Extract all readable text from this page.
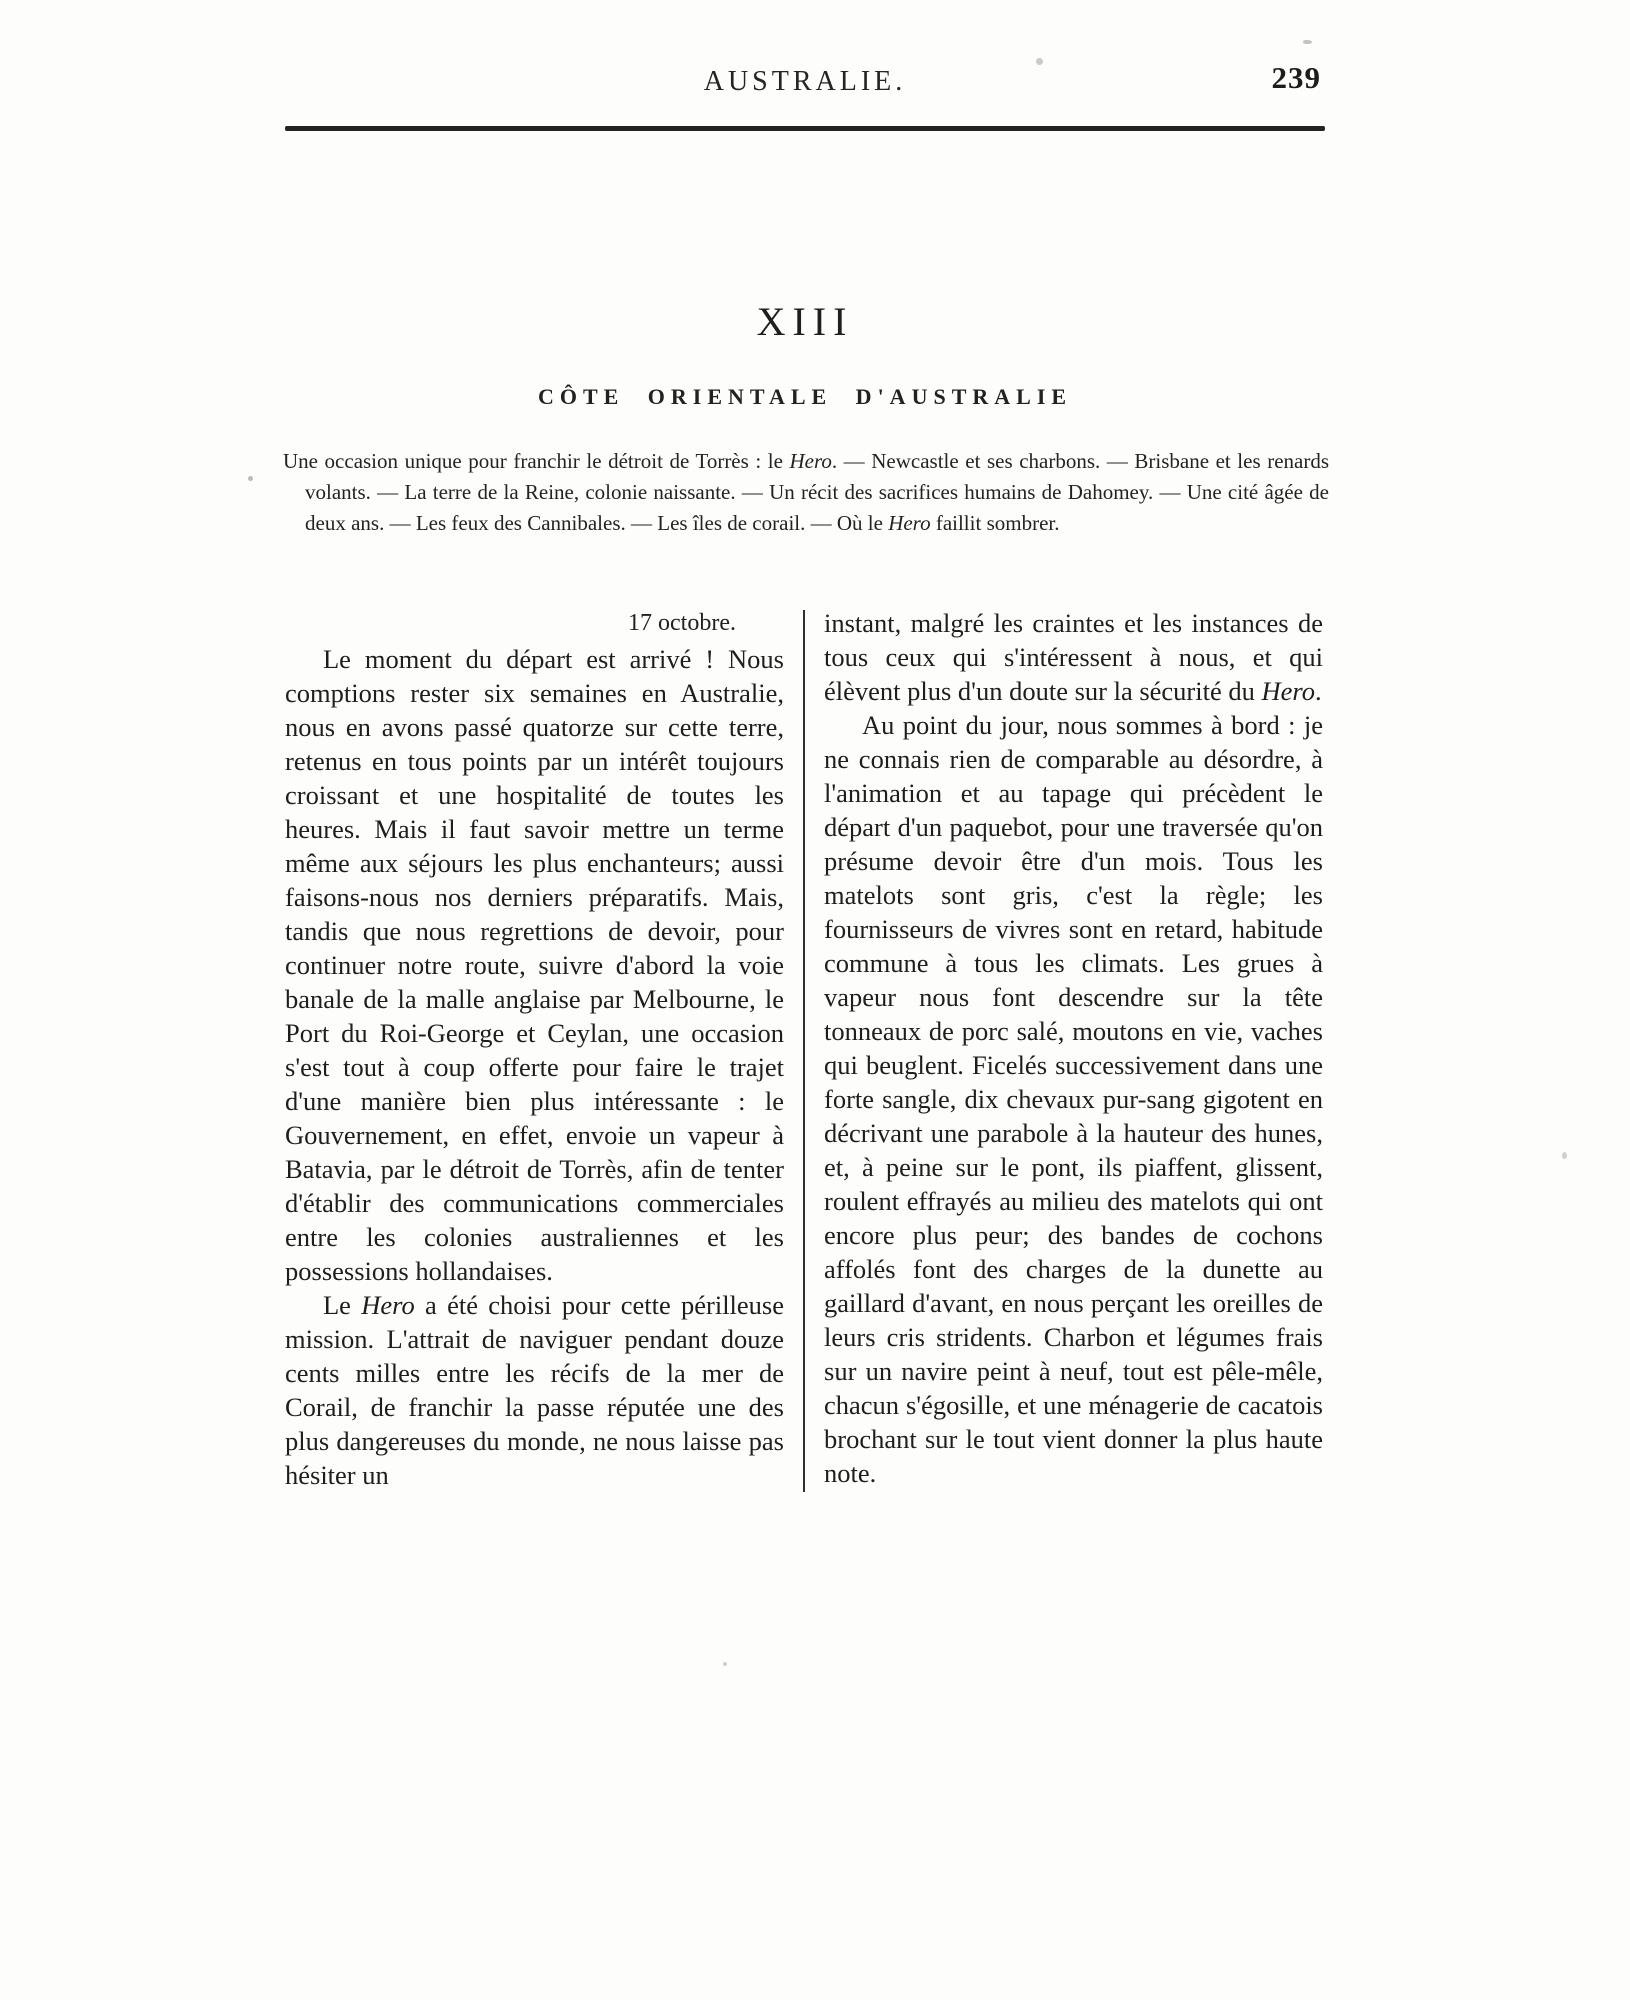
AUSTRALIE.	239
XIII
CÔTE ORIENTALE D'AUSTRALIE

Une occasion unique pour franchir le détroit de Torrès : le Hero. — Newcastle et ses charbons. — Brisbane et les renards volants. — La terre de la Reine, colonie naissante. — Un récit des sacrifices humains de Dahomey. — Une cité âgée de deux ans. — Les feux des Cannibales. — Les îles de corail. — Où le Hero faillit sombrer.

17 octobre.

Le moment du départ est arrivé ! Nous comptions rester six semaines en Australie, nous en avons passé quatorze sur cette terre, retenus en tous points par un intérêt toujours croissant et une hospitalité de toutes les heures. Mais il faut savoir mettre un terme même aux séjours les plus enchanteurs; aussi faisons-nous nos derniers préparatifs. Mais, tandis que nous regrettions de devoir, pour continuer notre route, suivre d'abord la voie banale de la malle anglaise par Melbourne, le Port du Roi-George et Ceylan, une occasion s'est tout à coup offerte pour faire le trajet d'une manière bien plus intéressante : le Gouvernement, en effet, envoie un vapeur à Batavia, par le détroit de Torrès, afin de tenter d'établir des communications commerciales entre les colonies australiennes et les possessions hollandaises.

Le Hero a été choisi pour cette périlleuse mission. L'attrait de naviguer pendant douze cents milles entre les récifs de la mer de Corail, de franchir la passe réputée une des plus dangereuses du monde, ne nous laisse pas hésiter un

instant, malgré les craintes et les instances de tous ceux qui s'intéressent à nous, et qui élèvent plus d'un doute sur la sécurité du Hero.

Au point du jour, nous sommes à bord : je ne connais rien de comparable au désordre, à l'animation et au tapage qui précèdent le départ d'un paquebot, pour une traversée qu'on présume devoir être d'un mois. Tous les matelots sont gris, c'est la règle; les fournisseurs de vivres sont en retard, habitude commune à tous les climats. Les grues à vapeur nous font descendre sur la tête tonneaux de porc salé, moutons en vie, vaches qui beuglent. Ficelés successivement dans une forte sangle, dix chevaux pur-sang gigotent en décrivant une parabole à la hauteur des hunes, et, à peine sur le pont, ils piaffent, glissent, roulent effrayés au milieu des matelots qui ont encore plus peur; des bandes de cochons affolés font des charges de la dunette au gaillard d'avant, en nous perçant les oreilles de leurs cris stridents. Charbon et légumes frais sur un navire peint à neuf, tout est pêle-mêle, chacun s'égosille, et une ménagerie de cacatois brochant sur le tout vient donner la plus haute note.
